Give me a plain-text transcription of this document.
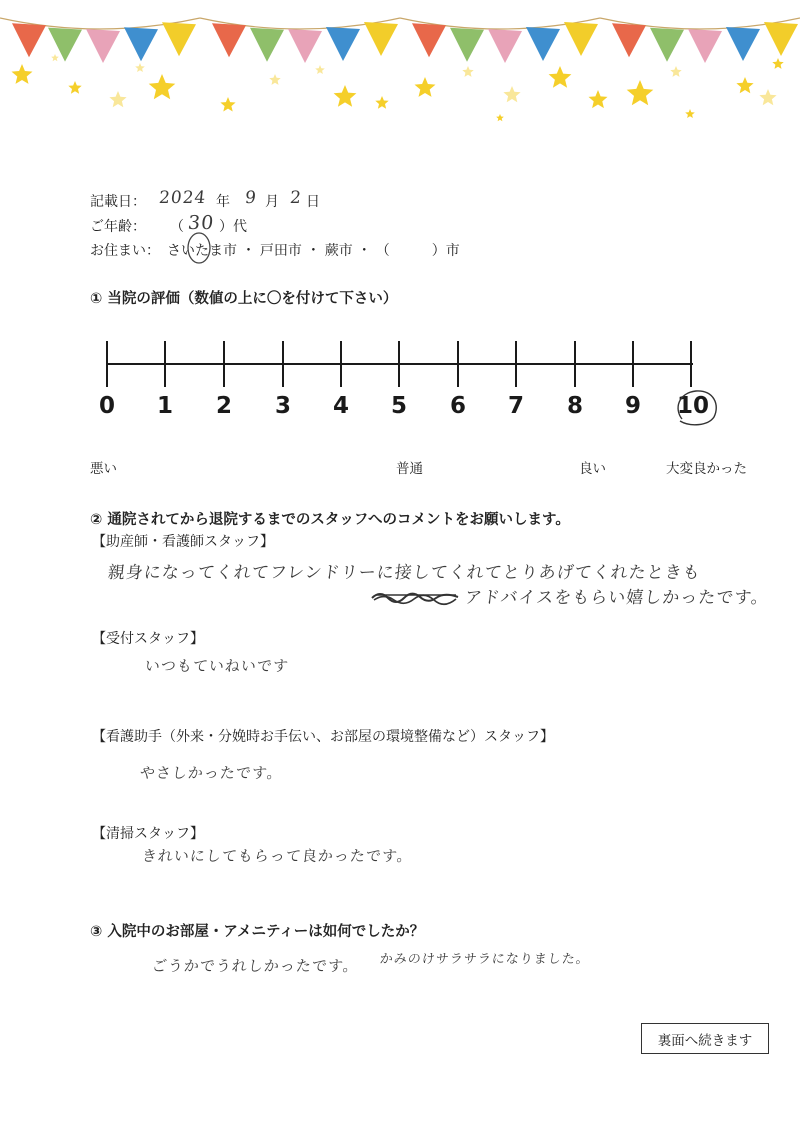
記載日： 2024 年 9 月 2 日
ご年齢： （ 30 ）代
お住まい： さいたま市 ・ 戸田市 ・ 蕨市 ・ （　　　）市
① 当院の評価（数値の上に〇を付けて下さい）
0	1	2	3	4	5	6	7	8	9	10
悪い	普通	良い	大変良かった
② 通院されてから退院するまでのスタッフへのコメントをお願いします。
【助産師・看護師スタッフ】
親身になってくれてフレンドリーに接してくれてとりあげてくれたときも
アドバイスをもらい嬉しかったです。
【受付スタッフ】
いつもていねいです
【看護助手（外来・分娩時お手伝い、お部屋の環境整備など）スタッフ】
やさしかったです。
【清掃スタッフ】
きれいにしてもらって良かったです。
③ 入院中のお部屋・アメニティーは如何でしたか？
ごうかでうれしかったです。 かみのけサラサラになりました。
裏面へ続きます
